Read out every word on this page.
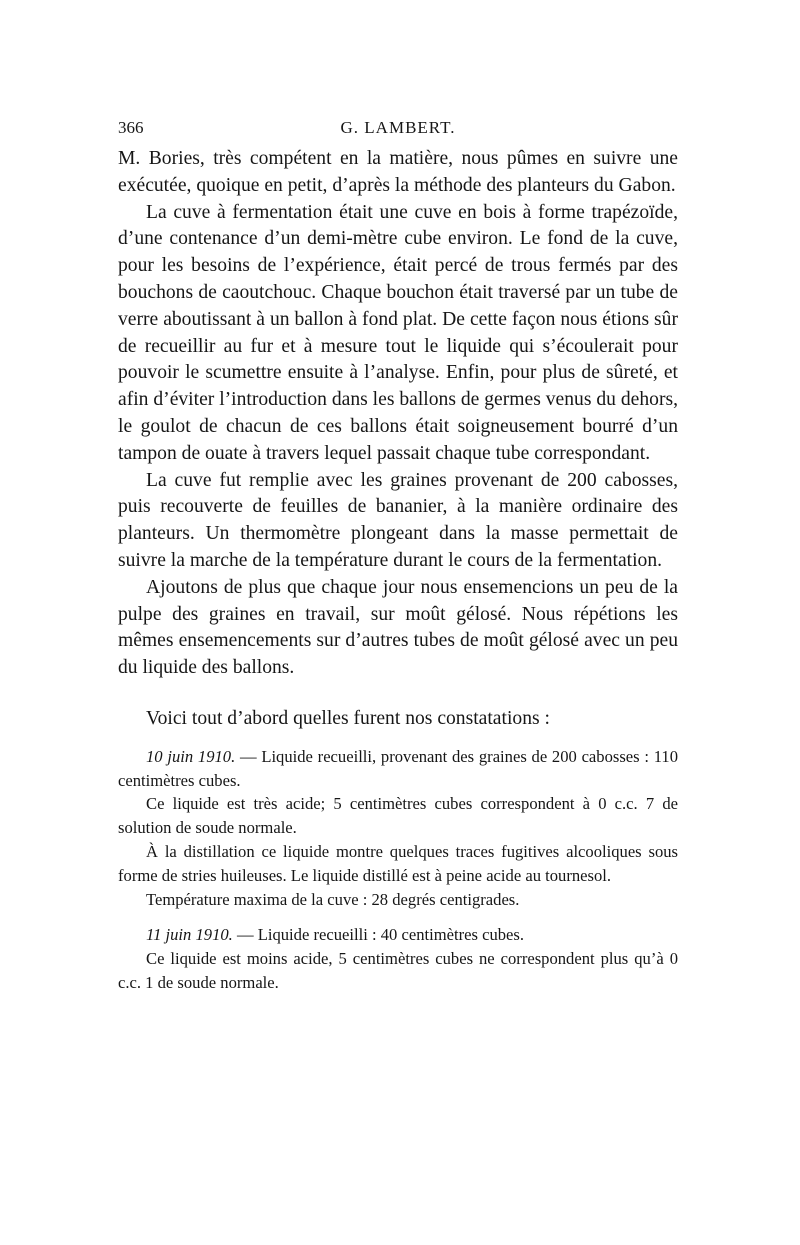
366	G. LAMBERT.

M. Bories, très compétent en la matière, nous pûmes en suivre une exécutée, quoique en petit, d’après la méthode des planteurs du Gabon.

La cuve à fermentation était une cuve en bois à forme trapézoïde, d’une contenance d’un demi-mètre cube environ. Le fond de la cuve, pour les besoins de l’expérience, était percé de trous fermés par des bouchons de caoutchouc. Chaque bouchon était traversé par un tube de verre aboutissant à un ballon à fond plat. De cette façon nous étions sûr de recueillir au fur et à mesure tout le liquide qui s’écoulerait pour pouvoir le scumettre ensuite à l’analyse. Enfin, pour plus de sûreté, et afin d’éviter l’introduction dans les ballons de germes venus du dehors, le goulot de chacun de ces ballons était soigneusement bourré d’un tampon de ouate à travers lequel passait chaque tube correspondant.

La cuve fut remplie avec les graines provenant de 200 cabosses, puis recouverte de feuilles de bananier, à la manière ordinaire des planteurs. Un thermomètre plongeant dans la masse permettait de suivre la marche de la température durant le cours de la fermentation.

Ajoutons de plus que chaque jour nous ensemencions un peu de la pulpe des graines en travail, sur moût gélosé. Nous répétions les mêmes ensemencements sur d’autres tubes de moût gélosé avec un peu du liquide des ballons.

Voici tout d’abord quelles furent nos constatations :

10 juin 1910. — Liquide recueilli, provenant des graines de 200 cabosses : 110 centimètres cubes.

Ce liquide est très acide; 5 centimètres cubes correspondent à 0 c.c. 7 de solution de soude normale.

À la distillation ce liquide montre quelques traces fugitives alcooliques sous forme de stries huileuses. Le liquide distillé est à peine acide au tournesol.

Température maxima de la cuve : 28 degrés centigrades.

11 juin 1910. — Liquide recueilli : 40 centimètres cubes.

Ce liquide est moins acide, 5 centimètres cubes ne correspondent plus qu’à 0 c.c. 1 de soude normale.
